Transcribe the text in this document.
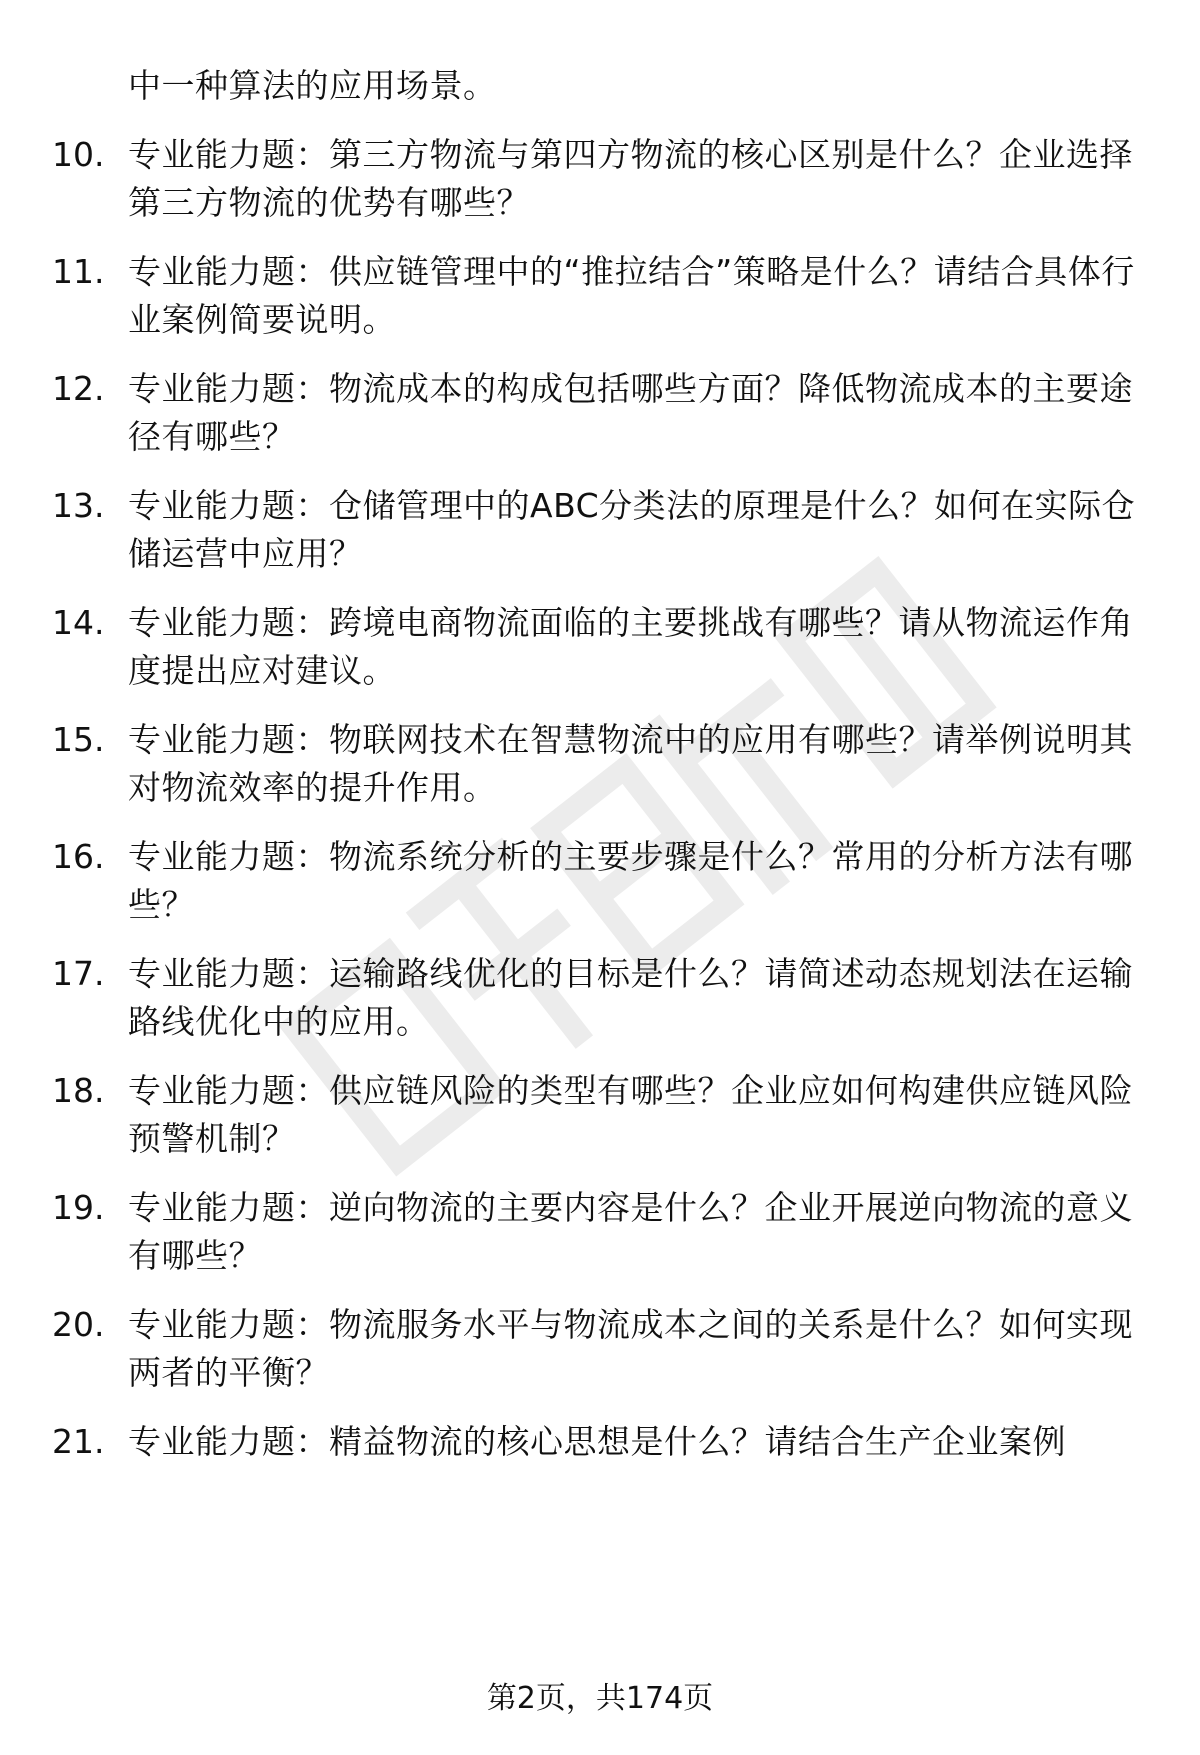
中一种算法的应用场景。
10. 专业能力题：第三方物流与第四方物流的核心区别是什么？企业选择第三方物流的优势有哪些？
11. 专业能力题：供应链管理中的“推拉结合”策略是什么？请结合具体行业案例简要说明。
12. 专业能力题：物流成本的构成包括哪些方面？降低物流成本的主要途径有哪些？
13. 专业能力题：仓储管理中的ABC分类法的原理是什么？如何在实际仓储运营中应用？
14. 专业能力题：跨境电商物流面临的主要挑战有哪些？请从物流运作角度提出应对建议。
15. 专业能力题：物联网技术在智慧物流中的应用有哪些？请举例说明其对物流效率的提升作用。
16. 专业能力题：物流系统分析的主要步骤是什么？常用的分析方法有哪些？
17. 专业能力题：运输路线优化的目标是什么？请简述动态规划法在运输路线优化中的应用。
18. 专业能力题：供应链风险的类型有哪些？企业应如何构建供应链风险预警机制？
19. 专业能力题：逆向物流的主要内容是什么？企业开展逆向物流的意义有哪些？
20. 专业能力题：物流服务水平与物流成本之间的关系是什么？如何实现两者的平衡？
21. 专业能力题：精益物流的核心思想是什么？请结合生产企业案例
第2页，共174页
